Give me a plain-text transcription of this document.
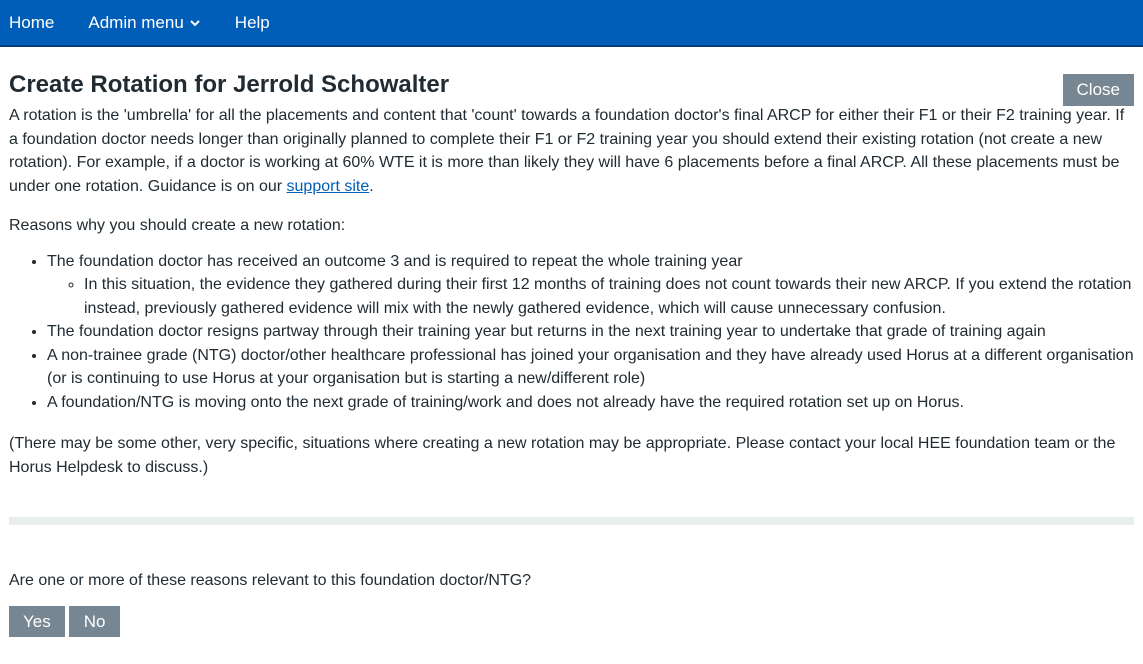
Home Admin menu	Help
Create Rotation for Jerrold Schowalter	Close

A rotation is the 'umbrella' for all the placements and content that 'count' towards a foundation doctor's final ARCP for either their F1 or their F2 training year. If a foundation doctor needs longer than originally planned to complete their F1 or F2 training year you should extend their existing rotation (not create a new rotation). For example, if a doctor is working at 60% WTE it is more than likely they will have 6 placements before a final ARCP. All these placements must be under one rotation. Guidance is on our support site.

Reasons why you should create a new rotation:

• The foundation doctor has received an outcome 3 and is required to repeat the whole training year
◦ In this situation, the evidence they gathered during their first 12 months of training does not count towards their new ARCP. If you extend the rotation instead, previously gathered evidence will mix with the newly gathered evidence, which will cause unnecessary confusion.
• The foundation doctor resigns partway through their training year but returns in the next training year to undertake that grade of training again
• A non-trainee grade (NTG) doctor/other healthcare professional has joined your organisation and they have already used Horus at a different organisation (or is continuing to use Horus at your organisation but is starting a new/different role)
• A foundation/NTG is moving onto the next grade of training/work and does not already have the required rotation set up on Horus.

(There may be some other, very specific, situations where creating a new rotation may be appropriate. Please contact your local HEE foundation team or the Horus Helpdesk to discuss.)

Are one or more of these reasons relevant to this foundation doctor/NTG?

Yes	No
